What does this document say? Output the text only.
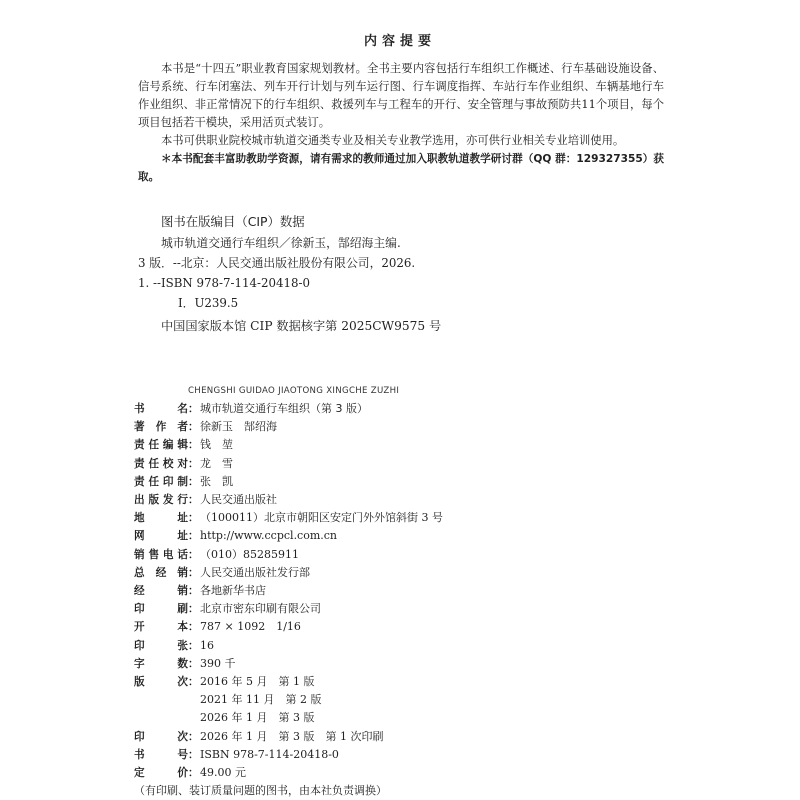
内容提要

本书是“十四五”职业教育国家规划教材。全书主要内容包括行车组织工作概述、行车基础设施设备、信号系统、行车闭塞法、列车开行计划与列车运行图、行车调度指挥、车站行车作业组织、车辆基地行车作业组织、非正常情况下的行车组织、救援列车与工程车的开行、安全管理与事故预防共11个项目，每个项目包括若干模块，采用活页式装订。

本书可供职业院校城市轨道交通类专业及相关专业教学选用，亦可供行业相关专业培训使用。

＊本书配套丰富助教助学资源，请有需求的教师通过加入职教轨道教学研讨群（QQ 群：129327355）获取。

图书在版编目（CIP）数据
城市轨道交通行车组织／徐新玉，郜绍海主编.
3 版．--北京：人民交通出版社股份有限公司，2026.
1. --ISBN 978-7-114-20418-0
Ⅰ．U239.5
中国国家版本馆 CIP 数据核字第 2025CW9575 号
CHENGSHI GUIDAO JIAOTONG XINGCHE ZUZHI
书名 ： 城市轨道交通行车组织（第 3 版）
著作者 ： 徐新玉　郜绍海
责任编辑 ： 钱　堃
责任校对 ： 龙　雪
责任印制 ： 张　凯
出版发行 ： 人民交通出版社
地址 ： （100011）北京市朝阳区安定门外外馆斜街 3 号
网址 ： http://www.ccpcl.com.cn
销售电话 ： （010）85285911
总经销 ： 人民交通出版社发行部
经销 ： 各地新华书店
印刷 ： 北京市密东印刷有限公司
开本 ： 787 × 1092　1/16
印张 ： 16
字数 ： 390 千
版次 ： 2016 年 5 月　第 1 版
2021 年 11 月　第 2 版
2026 年 1 月　第 3 版
印次 ： 2026 年 1 月　第 3 版　第 1 次印刷
书号 ： ISBN 978-7-114-20418-0
定价 ： 49.00 元
（有印刷、装订质量问题的图书，由本社负责调换）
